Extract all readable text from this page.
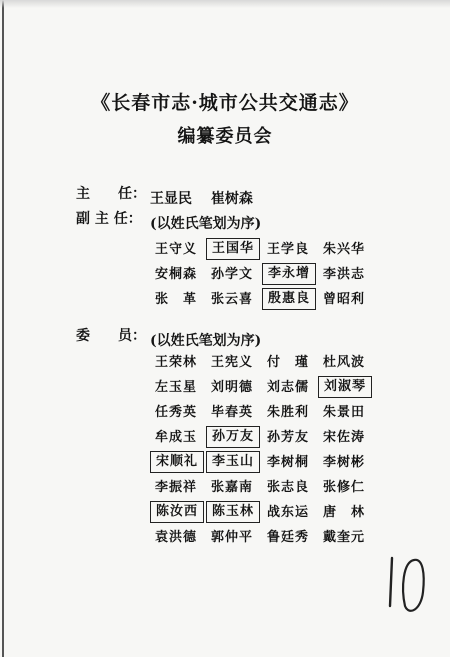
《长春市志·城市公共交通志》
编纂委员会
主 任： 王显民 崔树森
副 主 任： (以姓氏笔划为序)
王守义	王国华 王学良	朱兴华
安桐森	孙学文	李永增 李洪志
张　革	张云喜	殷惠良 曾昭利
委 员： (以姓氏笔划为序)
王荣林	王宪义	付　瑾	杜风波
左玉星	刘明德	刘志儒	刘淑琴
任秀英	毕春英	朱胜利	朱景田
牟成玉	孙万友 孙芳友	宋佐涛
宋顺礼	李玉山 李树桐	李树彬
李振祥	张嘉南	张志良	张修仁
陈汝西	陈玉林 战东运	唐　林
袁洪德	郭仲平	鲁廷秀	戴奎元
